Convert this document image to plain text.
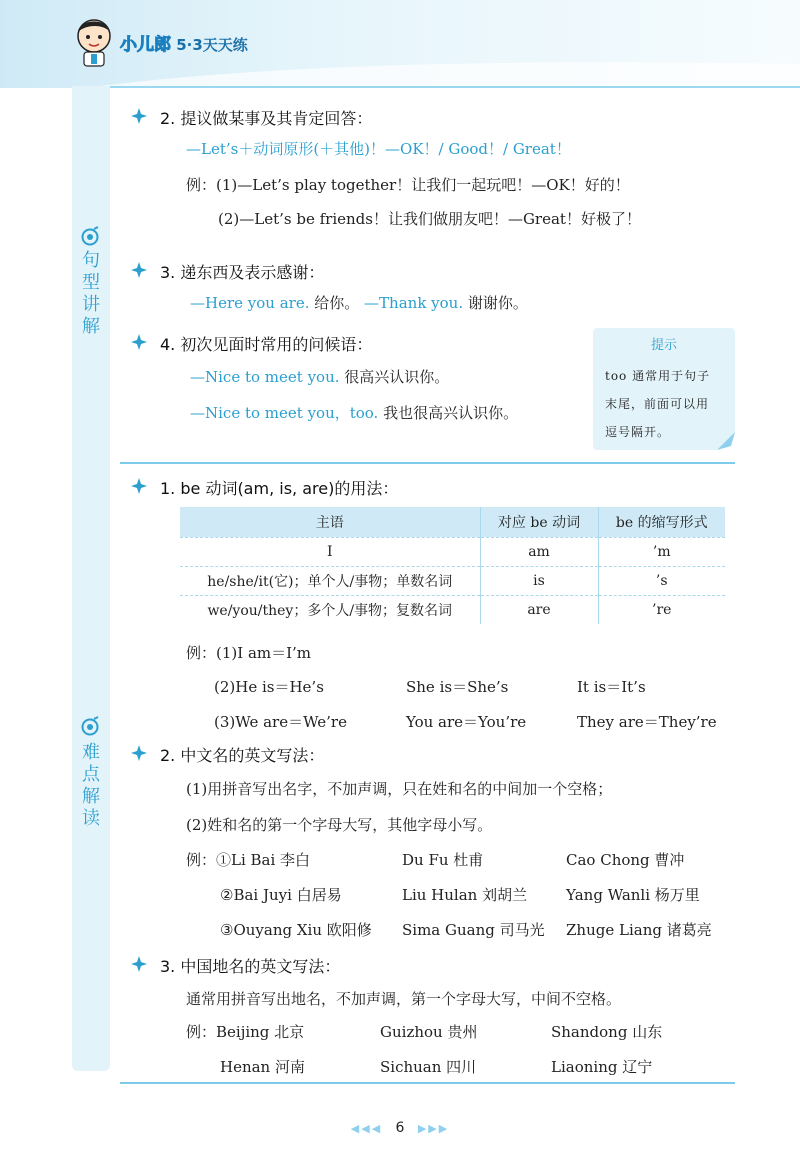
小儿郎 5·3天天练
句型讲解
难点解读
2. 提议做某事及其肯定回答：
—Let’s＋动词原形(＋其他)！—OK！/ Good！/ Great！
例：(1)—Let’s play together！让我们一起玩吧！—OK！好的！
(2)—Let’s be friends！让我们做朋友吧！—Great！好极了！
3. 递东西及表示感谢：
—Here you are. 给你。 —Thank you. 谢谢你。
4. 初次见面时常用的问候语：
—Nice to meet you. 很高兴认识你。
—Nice to meet you，too. 我也很高兴认识你。
提示
too 通常用于句子
末尾，前面可以用
逗号隔开。
1. be 动词(am, is, are)的用法：
主语	对应 be 动词	be 的缩写形式
I	am	’m
he/she/it(它)；单个人/事物；单数名词	is	’s
we/you/they；多个人/事物；复数名词	are	’re
例：(1)I am＝I’m
(2)He is＝He’s	She is＝She’s	It is＝It’s
(3)We are＝We’re	You are＝You’re	They are＝They’re
2. 中文名的英文写法：
(1)用拼音写出名字，不加声调，只在姓和名的中间加一个空格；
(2)姓和名的第一个字母大写，其他字母小写。
例：①Li Bai 李白	Du Fu 杜甫	Cao Chong 曹冲
②Bai Juyi 白居易	Liu Hulan 刘胡兰	Yang Wanli 杨万里
③Ouyang Xiu 欧阳修 Sima Guang 司马光 Zhuge Liang 诸葛亮
3. 中国地名的英文写法：
通常用拼音写出地名，不加声调，第一个字母大写，中间不空格。
例：Beijing 北京	Guizhou 贵州	Shandong 山东
Henan 河南	Sichuan 四川	Liaoning 辽宁
◀◀◀ 6 ▶▶▶
